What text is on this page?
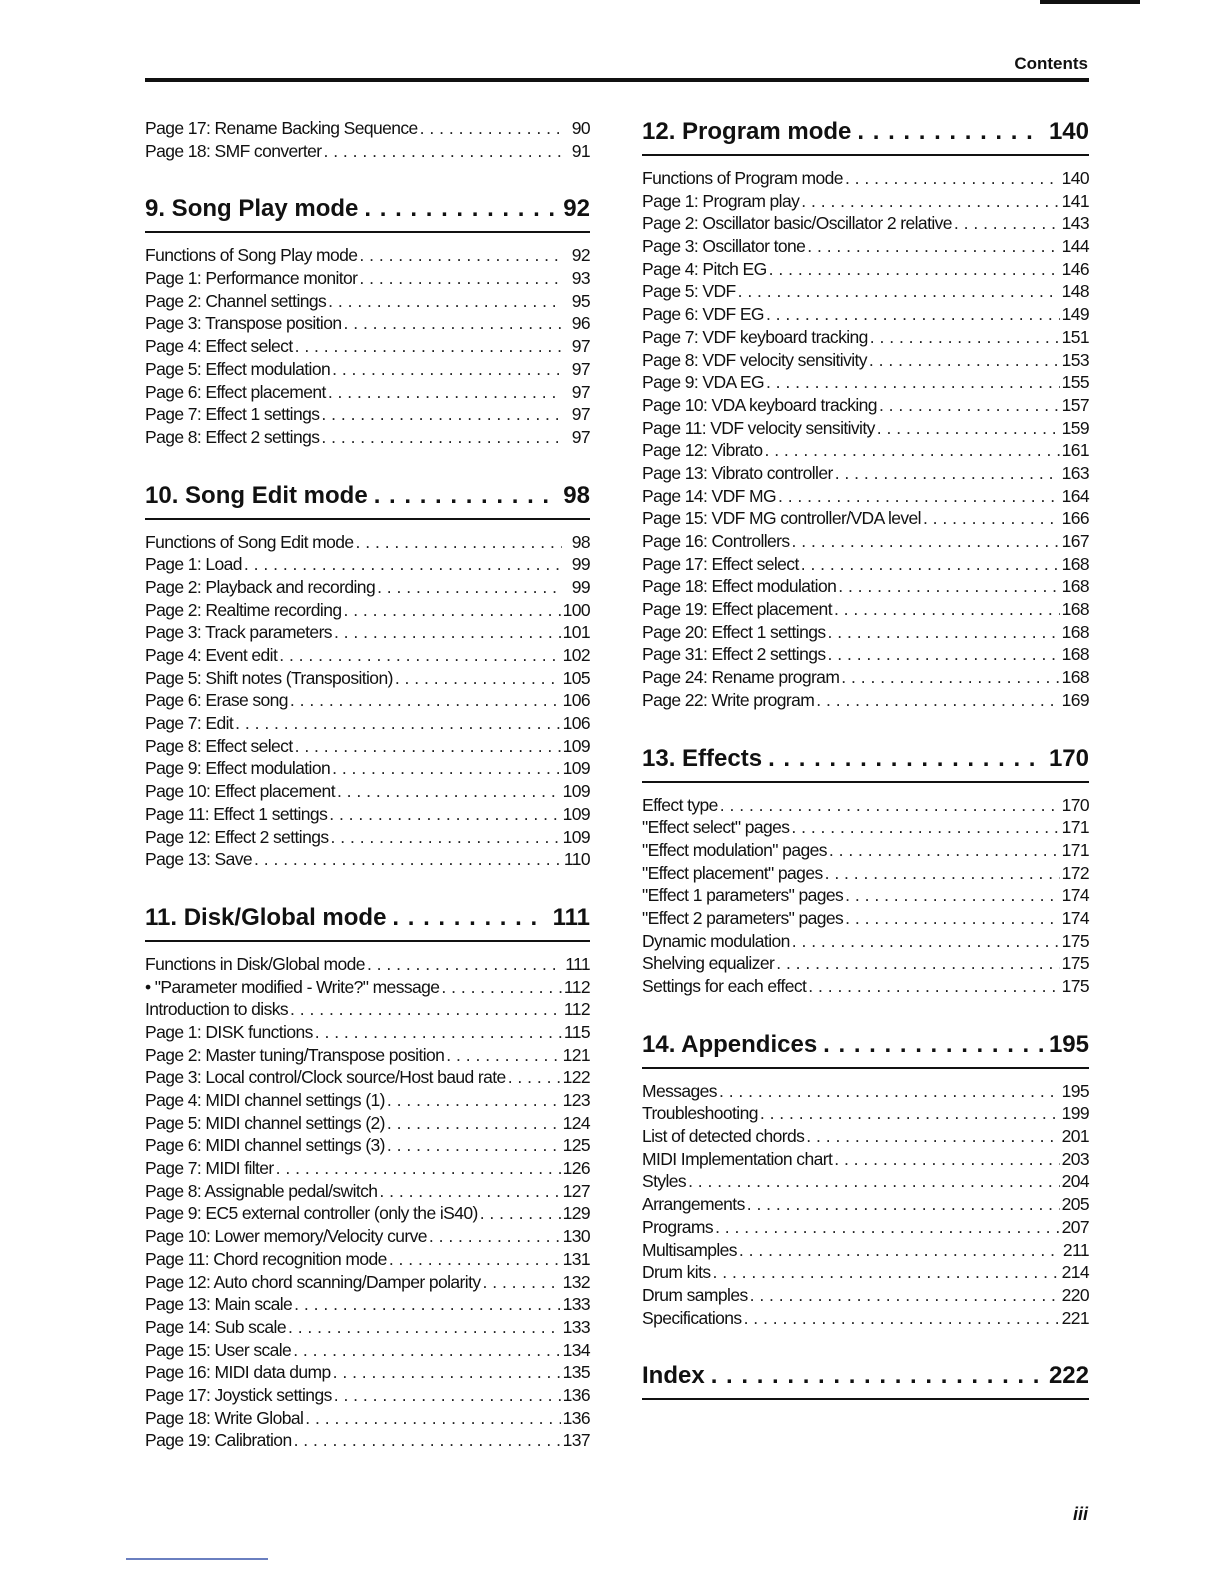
Contents
Page 17: Rename Backing Sequence . . .	90
Page 18: SMF converter . . .	91
9. Song Play mode . . .	92
Functions of Song Play mode . . .	92
Page 1: Performance monitor . . .	93
Page 2: Channel settings . . .	95
Page 3: Transpose position . . .	96
Page 4: Effect select . . .	97
Page 5: Effect modulation . . .	97
Page 6: Effect placement . . .	97
Page 7: Effect 1 settings . . .	97
Page 8: Effect 2 settings . . .	97
10. Song Edit mode . . .	98
Functions of Song Edit mode . . .	98
Page 1: Load . . .	99
Page 2: Playback and recording . . .	99
Page 2: Realtime recording . . .	100
Page 3: Track parameters . . .	101
Page 4: Event edit . . .	102
Page 5: Shift notes (Transposition) . . .	105
Page 6: Erase song . . .	106
Page 7: Edit . . .	106
Page 8: Effect select . . .	109
Page 9: Effect modulation . . .	109
Page 10: Effect placement . . .	109
Page 11: Effect 1 settings . . .	109
Page 12: Effect 2 settings . . .	109
Page 13: Save . . .	110
11. Disk/Global mode . . .	111
Functions in Disk/Global mode . . .	111
• "Parameter modified - Write?" message . . .	112
Introduction to disks . . .	112
Page 1: DISK functions . . .	115
Page 2: Master tuning/Transpose position . . .	121
Page 3: Local control/Clock source/Host baud rate . . .	122
Page 4: MIDI channel settings (1) . . .	123
Page 5: MIDI channel settings (2) . . .	124
Page 6: MIDI channel settings (3) . . .	125
Page 7: MIDI filter . . .	126
Page 8: Assignable pedal/switch . . .	127
Page 9: EC5 external controller (only the iS40) . . .	129
Page 10: Lower memory/Velocity curve . . .	130
Page 11: Chord recognition mode . . .	131
Page 12: Auto chord scanning/Damper polarity . . .	132
Page 13: Main scale . . .	133
Page 14: Sub scale . . .	133
Page 15: User scale . . .	134
Page 16: MIDI data dump . . .	135
Page 17: Joystick settings . . .	136
Page 18: Write Global . . .	136
Page 19: Calibration . . .	137
12. Program mode . . .	140
Functions of Program mode . . .	140
Page 1: Program play . . .	141
Page 2: Oscillator basic/Oscillator 2 relative . . .	143
Page 3: Oscillator tone . . .	144
Page 4: Pitch EG . . .	146
Page 5: VDF . . .	148
Page 6: VDF EG . . .	149
Page 7: VDF keyboard tracking . . .	151
Page 8: VDF velocity sensitivity . . .	153
Page 9: VDA EG . . .	155
Page 10: VDA keyboard tracking . . .	157
Page 11: VDF velocity sensitivity . . .	159
Page 12: Vibrato . . .	161
Page 13: Vibrato controller . . .	163
Page 14: VDF MG . . .	164
Page 15: VDF MG controller/VDA level . . .	166
Page 16: Controllers . . .	167
Page 17: Effect select . . .	168
Page 18: Effect modulation . . .	168
Page 19: Effect placement . . .	168
Page 20: Effect 1 settings . . .	168
Page 31: Effect 2 settings . . .	168
Page 24: Rename program . . .	168
Page 22: Write program . . .	169
13. Effects . . .	170
Effect type . . .	170
"Effect select" pages . . .	171
"Effect modulation" pages . . .	171
"Effect placement" pages . . .	172
"Effect 1 parameters" pages . . .	174
"Effect 2 parameters" pages . . .	174
Dynamic modulation . . .	175
Shelving equalizer . . .	175
Settings for each effect . . .	175
14. Appendices . . .	195
Messages . . .	195
Troubleshooting . . .	199
List of detected chords . . .	201
MIDI Implementation chart . . .	203
Styles . . .	204
Arrangements . . .	205
Programs . . .	207
Multisamples . . .	211
Drum kits . . .	214
Drum samples . . .	220
Specifications . . .	221
Index . . .	222
iii
